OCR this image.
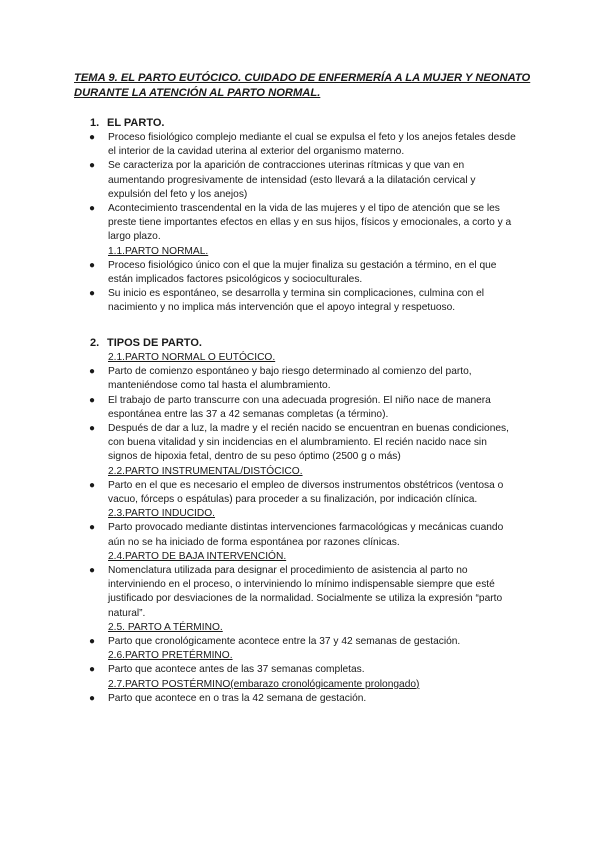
TEMA 9. EL PARTO EUTÓCICO. CUIDADO DE ENFERMERÍA A LA MUJER Y NEONATO DURANTE LA ATENCIÓN AL PARTO NORMAL.
1. EL PARTO.
● Proceso fisiológico complejo mediante el cual se expulsa el feto y los anejos fetales desde el interior de la cavidad uterina al exterior del organismo materno.
● Se caracteriza por la aparición de contracciones uterinas rítmicas y que van en aumentando progresivamente de intensidad (esto llevará a la dilatación cervical y expulsión del feto y los anejos)
● Acontecimiento trascendental en la vida de las mujeres y el tipo de atención que se les preste tiene importantes efectos en ellas y en sus hijos, físicos y emocionales, a corto y a largo plazo.
1.1.PARTO NORMAL.
● Proceso fisiológico único con el que la mujer finaliza su gestación a término, en el que están implicados factores psicológicos y socioculturales.
● Su inicio es espontáneo, se desarrolla y termina sin complicaciones, culmina con el nacimiento y no implica más intervención que el apoyo integral y respetuoso.
2. TIPOS DE PARTO.
2.1.PARTO NORMAL O EUTÓCICO.
● Parto de comienzo espontáneo y bajo riesgo determinado al comienzo del parto, manteniéndose como tal hasta el alumbramiento.
● El trabajo de parto transcurre con una adecuada progresión. El niño nace de manera espontánea entre las 37 a 42 semanas completas (a término).
● Después de dar a luz, la madre y el recién nacido se encuentran en buenas condiciones, con buena vitalidad y sin incidencias en el alumbramiento. El recién nacido nace sin signos de hipoxia fetal, dentro de su peso óptimo (2500 g o más)
2.2.PARTO INSTRUMENTAL/DISTÓCICO.
● Parto en el que es necesario el empleo de diversos instrumentos obstétricos (ventosa o vacuo, fórceps o espátulas) para proceder a su finalización, por indicación clínica.
2.3.PARTO INDUCIDO.
● Parto provocado mediante distintas intervenciones farmacológicas y mecánicas cuando aún no se ha iniciado de forma espontánea por razones clínicas.
2.4.PARTO DE BAJA INTERVENCIÓN.
● Nomenclatura utilizada para designar el procedimiento de asistencia al parto no interviniendo en el proceso, o interviniendo lo mínimo indispensable siempre que esté justificado por desviaciones de la normalidad. Socialmente se utiliza la expresión “parto natural”.
2.5. PARTO A TÉRMINO.
● Parto que cronológicamente acontece entre la 37 y 42 semanas de gestación.
2.6.PARTO PRETÉRMINO.
● Parto que acontece antes de las 37 semanas completas.
2.7.PARTO POSTÉRMINO(embarazo cronológicamente prolongado)
● Parto que acontece en o tras la 42 semana de gestación.
